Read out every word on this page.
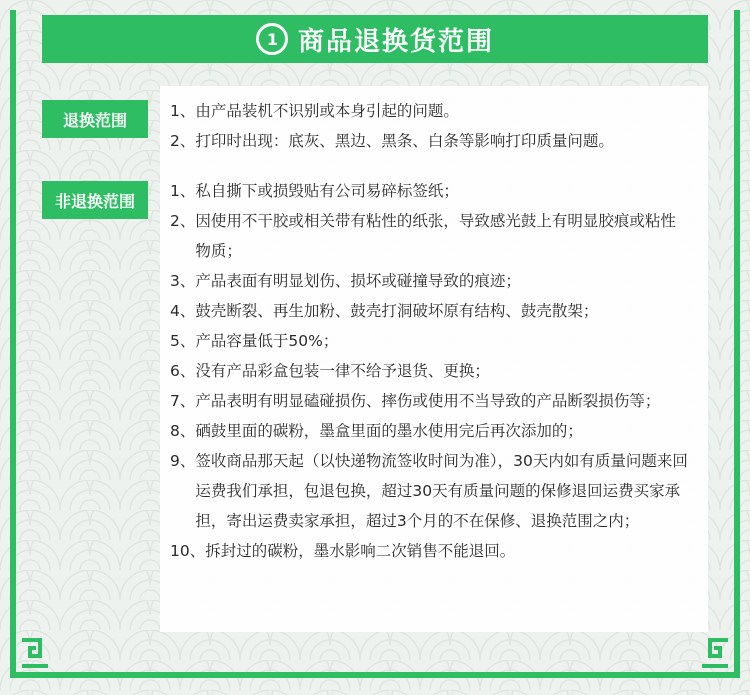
1 商品退换货范围
退换范围	1、 由产品装机不识别或本身引起的问题。
2、 打印时出现：底灰、黑边、黑条、白条等影响打印质量问题。
非退换范围
1、 私自撕下或损毁贴有公司易碎标签纸；
2、 因使用不干胶或相关带有粘性的纸张，导致感光鼓上有明显胶痕或粘性物质；
3、 产品表面有明显划伤、损坏或碰撞导致的痕迹；
4、 鼓壳断裂、再生加粉、鼓壳打洞破坏原有结构、鼓壳散架；
5、 产品容量低于50%；
6、 没有产品彩盒包装一律不给予退货、更换；
7、 产品表明有明显磕碰损伤、摔伤或使用不当导致的产品断裂损伤等；
8、 硒鼓里面的碳粉，墨盒里面的墨水使用完后再次添加的；
9、 签收商品那天起（以快递物流签收时间为准），30天内如有质量问题来回运费我们承担，包退包换，超过30天有质量问题的保修退回运费买家承担，寄出运费卖家承担，超过3个月的不在保修、退换范围之内；
10、 拆封过的碳粉，墨水影响二次销售不能退回。
